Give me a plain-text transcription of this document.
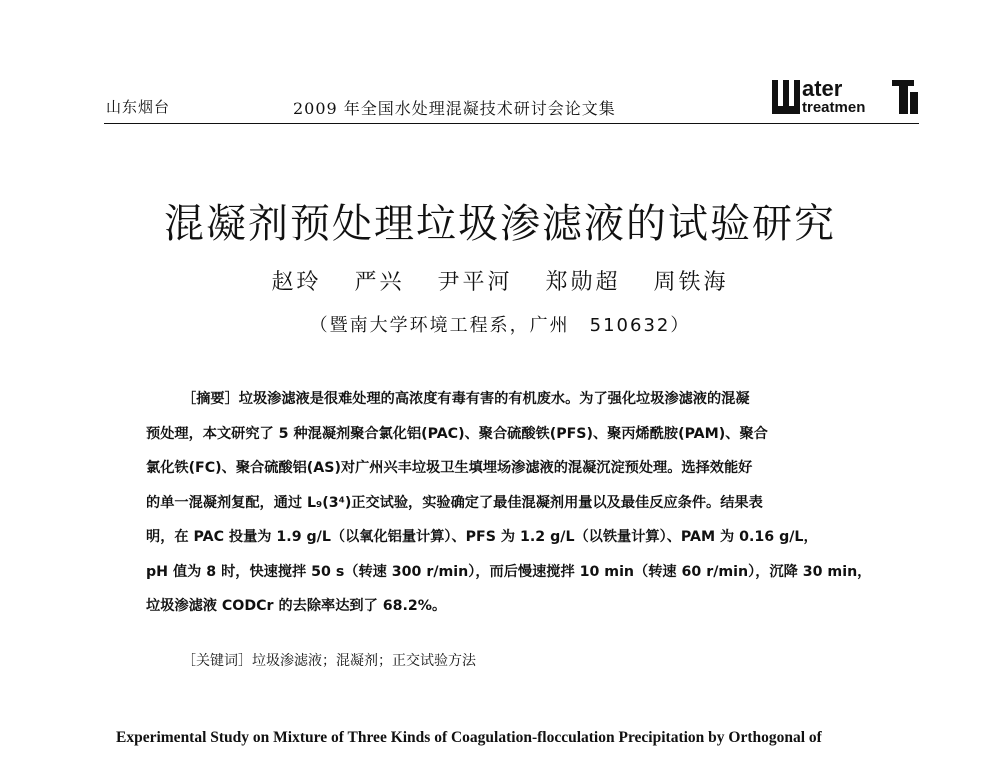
山东烟台	2009 年全国水处理混凝技术研讨会论文集
ater
treatmen
混凝剂预处理垃圾渗滤液的试验研究
赵玲 严兴 尹平河 郑勋超 周铁海
（暨南大学环境工程系，广州　510632）
［摘要］垃圾渗滤液是很难处理的高浓度有毒有害的有机废水。为了强化垃圾渗滤液的混凝
预处理，本文研究了 5 种混凝剂聚合氯化铝(PAC)、聚合硫酸铁(PFS)、聚丙烯酰胺(PAM)、聚合
氯化铁(FC)、聚合硫酸铝(AS)对广州兴丰垃圾卫生填埋场渗滤液的混凝沉淀预处理。选择效能好
的单一混凝剂复配，通过 L₉(3⁴)正交试验，实验确定了最佳混凝剂用量以及最佳反应条件。结果表
明，在 PAC 投量为 1.9 g/L（以氧化铝量计算）、PFS 为 1.2 g/L（以铁量计算）、PAM 为 0.16 g/L，
pH 值为 8 时，快速搅拌 50 s（转速 300 r/min），而后慢速搅拌 10 min（转速 60 r/min），沉降 30 min，
垃圾渗滤液 CODCr 的去除率达到了 68.2%。
［关键词］垃圾渗滤液；混凝剂；正交试验方法
Experimental Study on Mixture of Three Kinds of Coagulation-flocculation Precipitation by Orthogonal of
